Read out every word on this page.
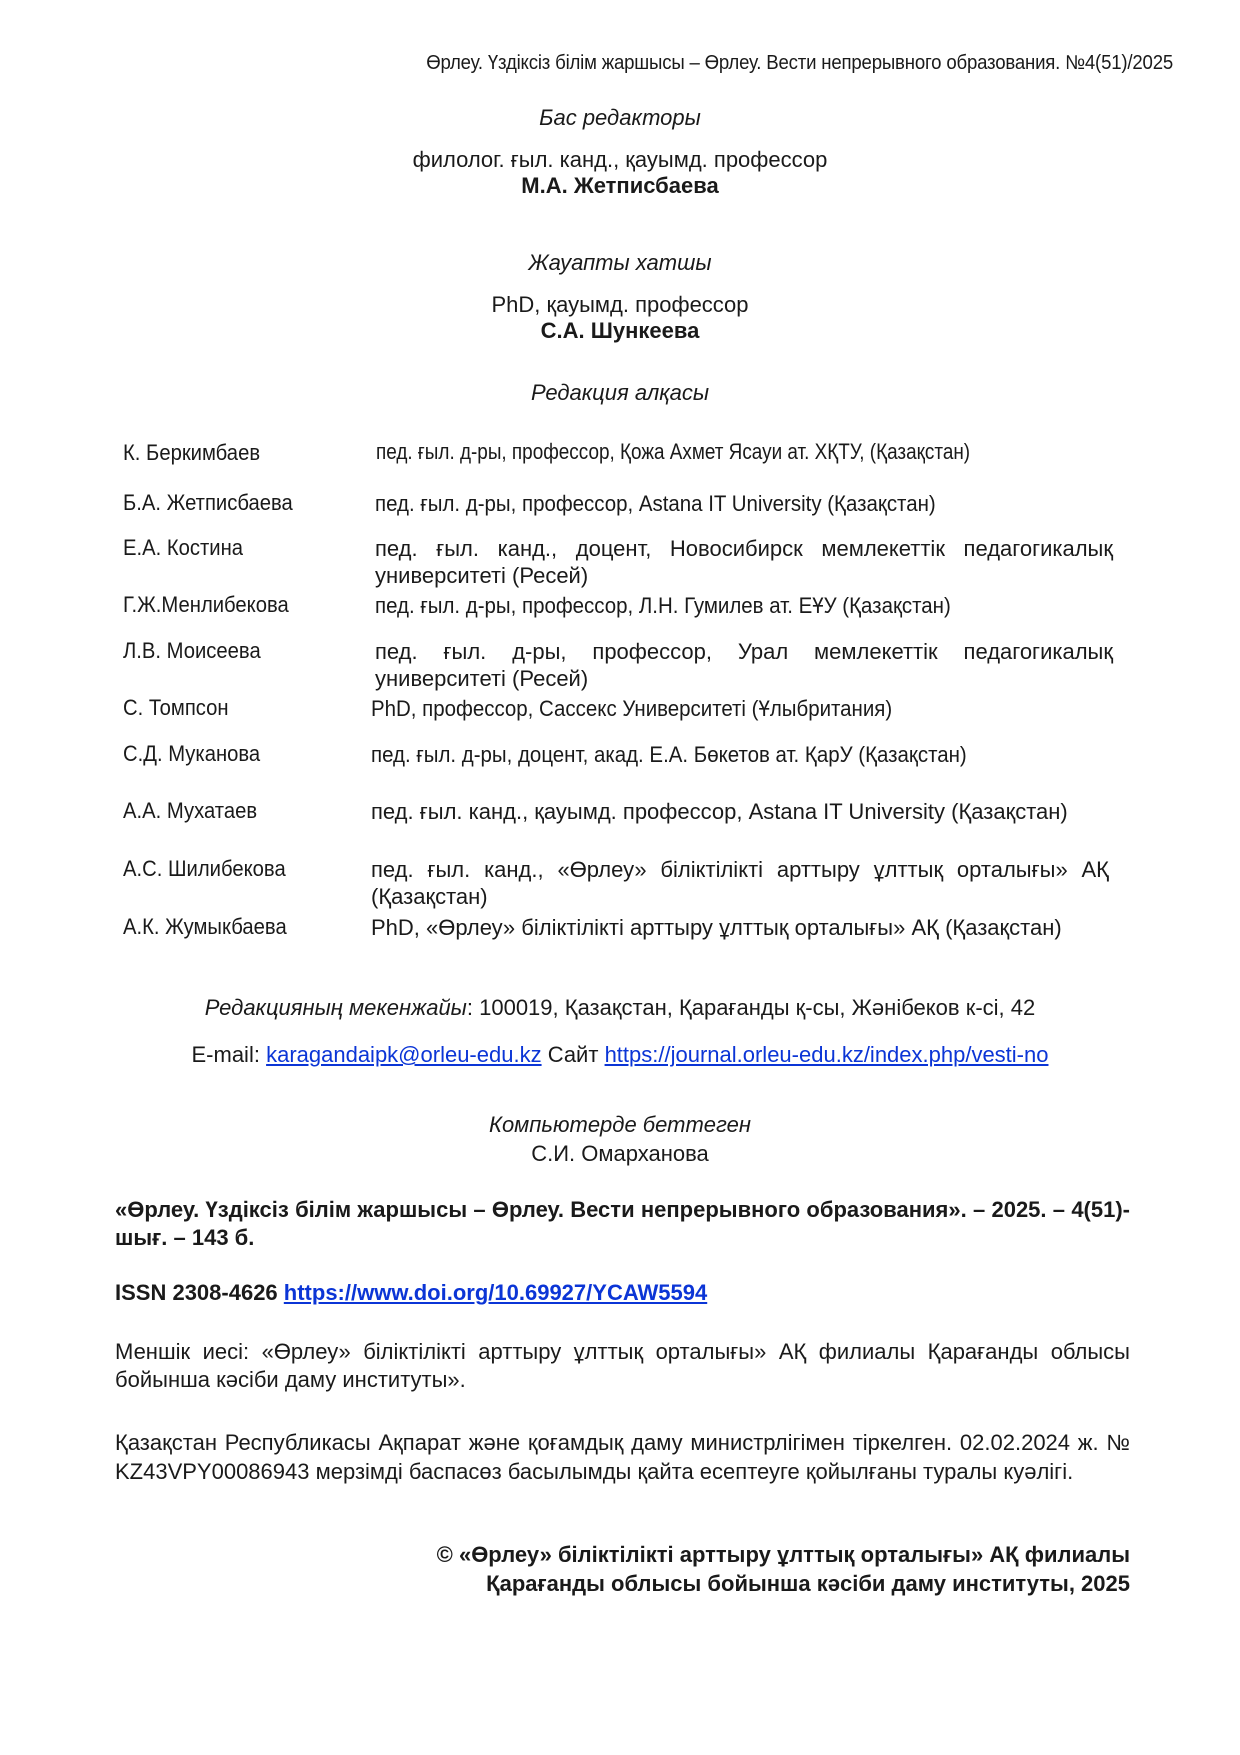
Өрлеу. Үздіксіз білім жаршысы – Өрлеу. Вести непрерывного образования. №4(51)/2025
Бас редакторы
филолог. ғыл. канд., қауымд. профессор
М.А. Жетписбаева
Жауапты хатшы
PhD, қауымд. профессор
С.А. Шункеева
Редакция алқасы
К. Беркимбаев	пед. ғыл. д-ры, профессор, Қожа Ахмет Ясауи ат. ХҚТУ, (Қазақстан)
Б.А. Жетписбаева	пед. ғыл. д-ры, профессор, Astana IT University (Қазақстан)
Е.А. Костина	пед. ғыл. канд., доцент, Новосибирск мемлекеттік педагогикалық университеті (Ресей)
Г.Ж.Менлибекова	пед. ғыл. д-ры, профессор, Л.Н. Гумилев ат. ЕҰУ (Қазақстан)
Л.В. Моисеева	пед. ғыл. д-ры, профессор, Урал мемлекеттік педагогикалық университеті (Ресей)
С. Томпсон	PhD, профессор, Сассекс Университеті (Ұлыбритания)
С.Д. Муканова	пед. ғыл. д-ры, доцент, акад. Е.А. Бөкетов ат. ҚарУ (Қазақстан)
А.А. Мухатаев	пед. ғыл. канд., қауымд. профессор, Astana IT University (Қазақстан)
А.С. Шилибекова	пед. ғыл. канд., «Өрлеу» біліктілікті арттыру ұлттық орталығы» АҚ (Қазақстан)
А.К. Жумыкбаева	PhD, «Өрлеу» біліктілікті арттыру ұлттық орталығы» АҚ (Қазақстан)
Редакцияның мекенжайы: 100019, Қазақстан, Қарағанды қ-сы, Жәнібеков к-сі, 42
E-mail: karagandaipk@orleu-edu.kz Сайт https://journal.orleu-edu.kz/index.php/vesti-no
Компьютерде беттеген
С.И. Омарханова
«Өрлеу. Үздіксіз білім жаршысы – Өрлеу. Вести непрерывного образования». – 2025. – 4(51)-шығ. – 143 б.
ISSN 2308-4626 https://www.doi.org/10.69927/YCAW5594
Меншік иесі: «Өрлеу» біліктілікті арттыру ұлттық орталығы» АҚ филиалы Қарағанды облысы бойынша кәсіби даму институты».
Қазақстан Республикасы Ақпарат және қоғамдық даму министрлігімен тіркелген. 02.02.2024 ж. № KZ43VPY00086943 мерзімді баспасөз басылымды қайта есептеуге қойылғаны туралы куәлігі.
© «Өрлеу» біліктілікті арттыру ұлттық орталығы» АҚ филиалы
Қарағанды облысы бойынша кәсіби даму институты, 2025
